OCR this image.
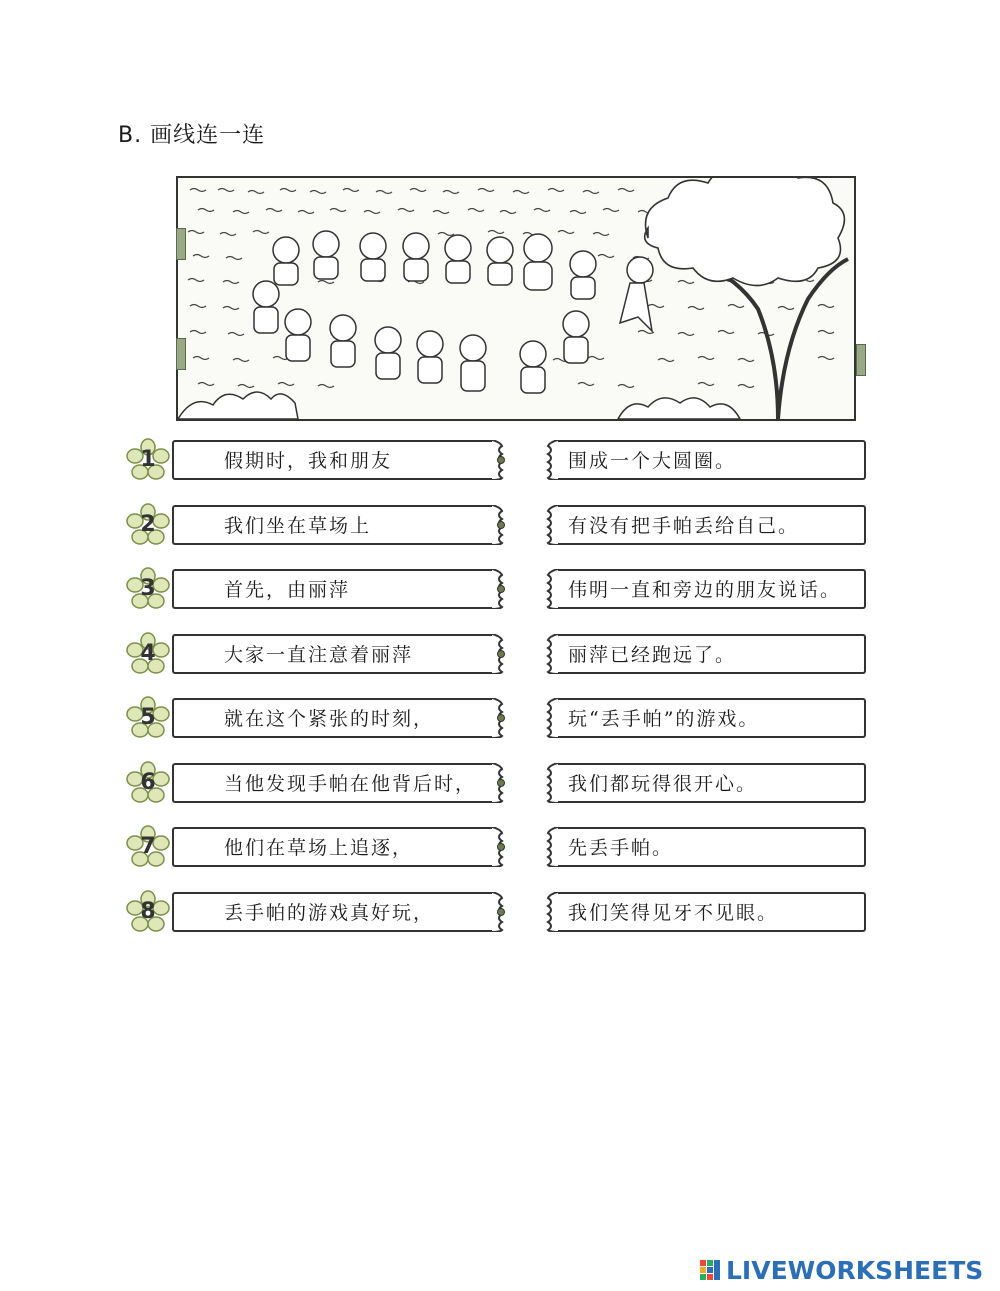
B. 画线连一连
1	假期时，我和朋友	围成一个大圆圈。
2	我们坐在草场上	有没有把手帕丢给自己。
3	首先，由丽萍	伟明一直和旁边的朋友说话。
4	大家一直注意着丽萍	丽萍已经跑远了。
5	就在这个紧张的时刻，	玩“丢手帕”的游戏。
6	当他发现手帕在他背后时，	我们都玩得很开心。
7	他们在草场上追逐，	先丢手帕。
8	丢手帕的游戏真好玩，	我们笑得见牙不见眼。
LIVEWORKSHEETS
